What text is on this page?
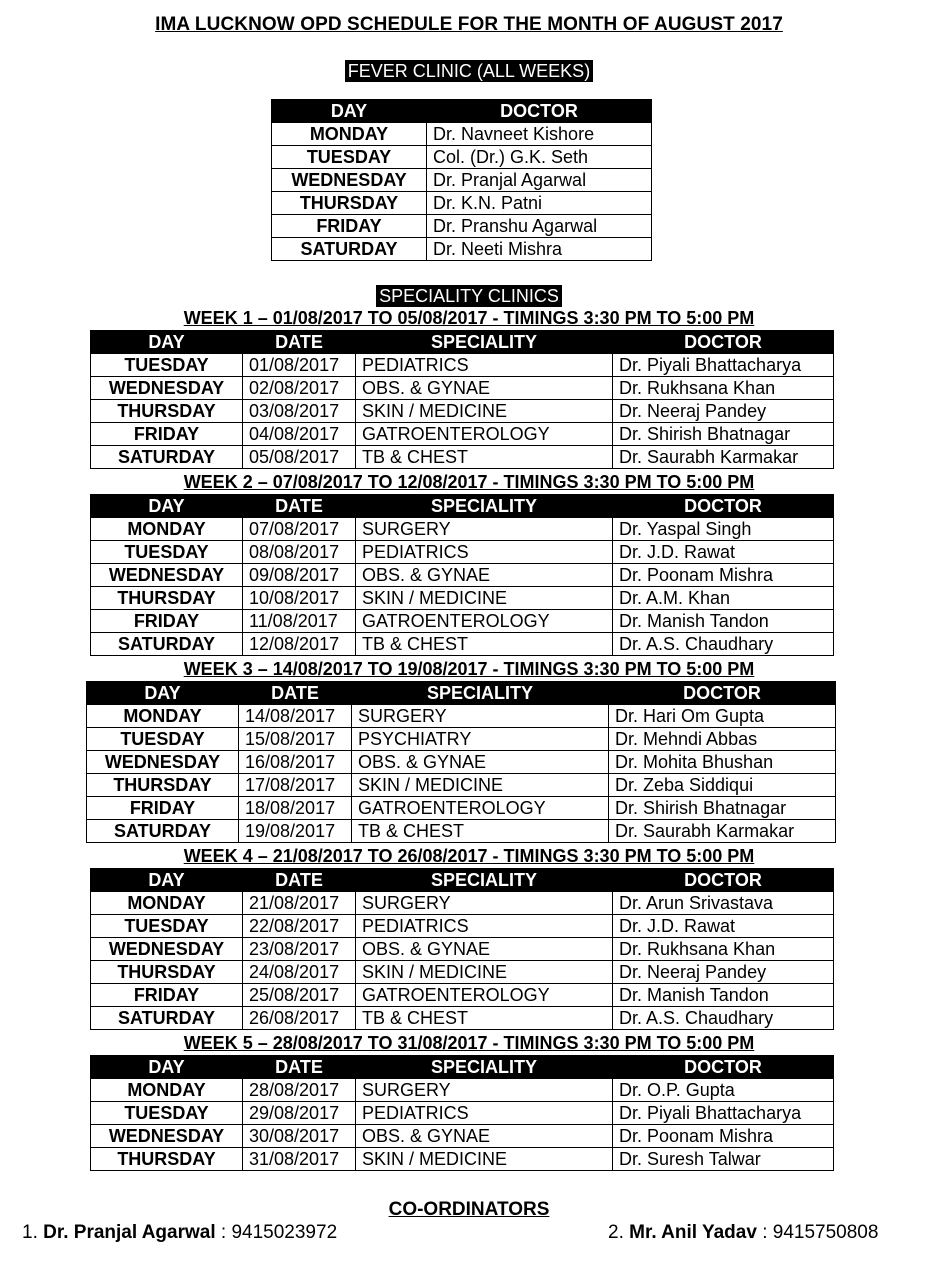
IMA LUCKNOW OPD SCHEDULE FOR THE MONTH OF AUGUST 2017
FEVER CLINIC (ALL WEEKS)
DAY	DOCTOR
MONDAY	Dr. Navneet Kishore
TUESDAY	Col. (Dr.) G.K. Seth
WEDNESDAY	Dr. Pranjal Agarwal
THURSDAY	Dr. K.N. Patni
FRIDAY	Dr. Pranshu Agarwal
SATURDAY	Dr. Neeti Mishra
SPECIALITY CLINICS
WEEK 1 – 01/08/2017 TO 05/08/2017 - TIMINGS 3:30 PM TO 5:00 PM
DAY	DATE	SPECIALITY	DOCTOR
TUESDAY	01/08/2017	PEDIATRICS	Dr. Piyali Bhattacharya
WEDNESDAY	02/08/2017	OBS. & GYNAE	Dr. Rukhsana Khan
THURSDAY	03/08/2017	SKIN / MEDICINE	Dr. Neeraj Pandey
FRIDAY	04/08/2017	GATROENTEROLOGY	Dr. Shirish Bhatnagar
SATURDAY	05/08/2017	TB & CHEST	Dr. Saurabh Karmakar
WEEK 2 – 07/08/2017 TO 12/08/2017 - TIMINGS 3:30 PM TO 5:00 PM
DAY	DATE	SPECIALITY	DOCTOR
MONDAY	07/08/2017	SURGERY	Dr. Yaspal Singh
TUESDAY	08/08/2017	PEDIATRICS	Dr. J.D. Rawat
WEDNESDAY	09/08/2017	OBS. & GYNAE	Dr. Poonam Mishra
THURSDAY	10/08/2017	SKIN / MEDICINE	Dr. A.M. Khan
FRIDAY	11/08/2017	GATROENTEROLOGY	Dr. Manish Tandon
SATURDAY	12/08/2017	TB & CHEST	Dr. A.S. Chaudhary
WEEK 3 – 14/08/2017 TO 19/08/2017 - TIMINGS 3:30 PM TO 5:00 PM
DAY	DATE	SPECIALITY	DOCTOR
MONDAY	14/08/2017	SURGERY	Dr. Hari Om Gupta
TUESDAY	15/08/2017	PSYCHIATRY	Dr. Mehndi Abbas
WEDNESDAY	16/08/2017	OBS. & GYNAE	Dr. Mohita Bhushan
THURSDAY	17/08/2017	SKIN / MEDICINE	Dr. Zeba Siddiqui
FRIDAY	18/08/2017	GATROENTEROLOGY	Dr. Shirish Bhatnagar
SATURDAY	19/08/2017	TB & CHEST	Dr. Saurabh Karmakar
WEEK 4 – 21/08/2017 TO 26/08/2017 - TIMINGS 3:30 PM TO 5:00 PM
DAY	DATE	SPECIALITY	DOCTOR
MONDAY	21/08/2017	SURGERY	Dr. Arun Srivastava
TUESDAY	22/08/2017	PEDIATRICS	Dr. J.D. Rawat
WEDNESDAY	23/08/2017	OBS. & GYNAE	Dr. Rukhsana Khan
THURSDAY	24/08/2017	SKIN / MEDICINE	Dr. Neeraj Pandey
FRIDAY	25/08/2017	GATROENTEROLOGY	Dr. Manish Tandon
SATURDAY	26/08/2017	TB & CHEST	Dr. A.S. Chaudhary
WEEK 5 – 28/08/2017 TO 31/08/2017 - TIMINGS 3:30 PM TO 5:00 PM
DAY	DATE	SPECIALITY	DOCTOR
MONDAY	28/08/2017	SURGERY	Dr. O.P. Gupta
TUESDAY	29/08/2017	PEDIATRICS	Dr. Piyali Bhattacharya
WEDNESDAY	30/08/2017	OBS. & GYNAE	Dr. Poonam Mishra
THURSDAY	31/08/2017	SKIN / MEDICINE	Dr. Suresh Talwar
CO-ORDINATORS
1. Dr. Pranjal Agarwal : 9415023972	2. Mr. Anil Yadav : 9415750808
